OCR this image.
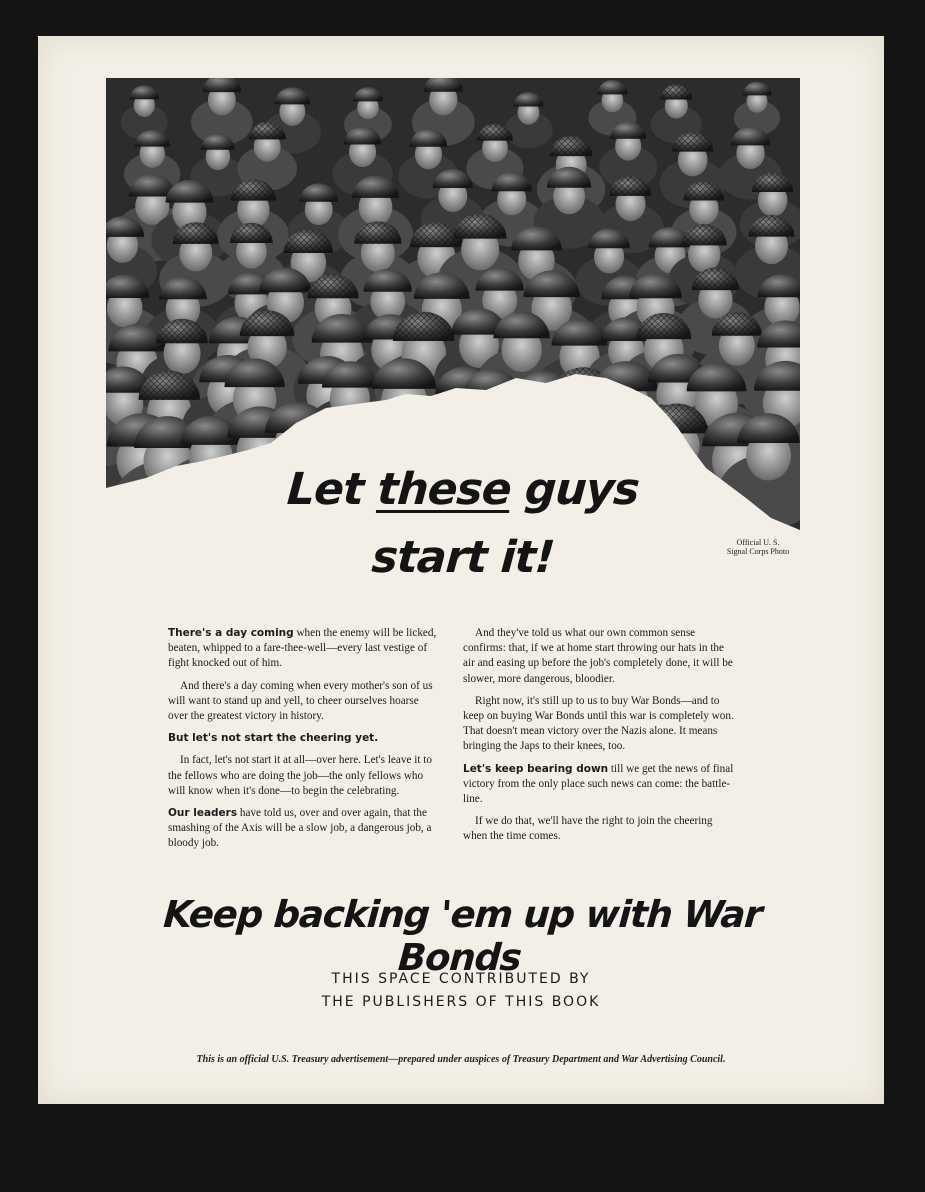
Let these guys
start it!	Official U. S.
Signal Corps Photo

There's a day coming when the enemy will be licked, beaten, whipped to a fare-thee-well—every last vestige of fight knocked out of him.

And there's a day coming when every mother's son of us will want to stand up and yell, to cheer ourselves hoarse over the greatest victory in history.

But let's not start the cheering yet.

In fact, let's not start it at all—over here. Let's leave it to the fellows who are doing the job—the only fellows who will know when it's done—to begin the celebrating.

Our leaders have told us, over and over again, that the smashing of the Axis will be a slow job, a dangerous job, a bloody job.

And they've told us what our own common sense confirms: that, if we at home start throwing our hats in the air and easing up before the job's completely done, it will be slower, more dangerous, bloodier.

Right now, it's still up to us to buy War Bonds—and to keep on buying War Bonds until this war is completely won. That doesn't mean victory over the Nazis alone. It means bringing the Japs to their knees, too.

Let's keep bearing down till we get the news of final victory from the only place such news can come: the battle-line.

If we do that, we'll have the right to join the cheering when the time comes.

Keep backing 'em up with War Bonds
THIS SPACE CONTRIBUTED BY
THE PUBLISHERS OF THIS BOOK
This is an official U.S. Treasury advertisement—prepared under auspices of Treasury Department and War Advertising Council.
